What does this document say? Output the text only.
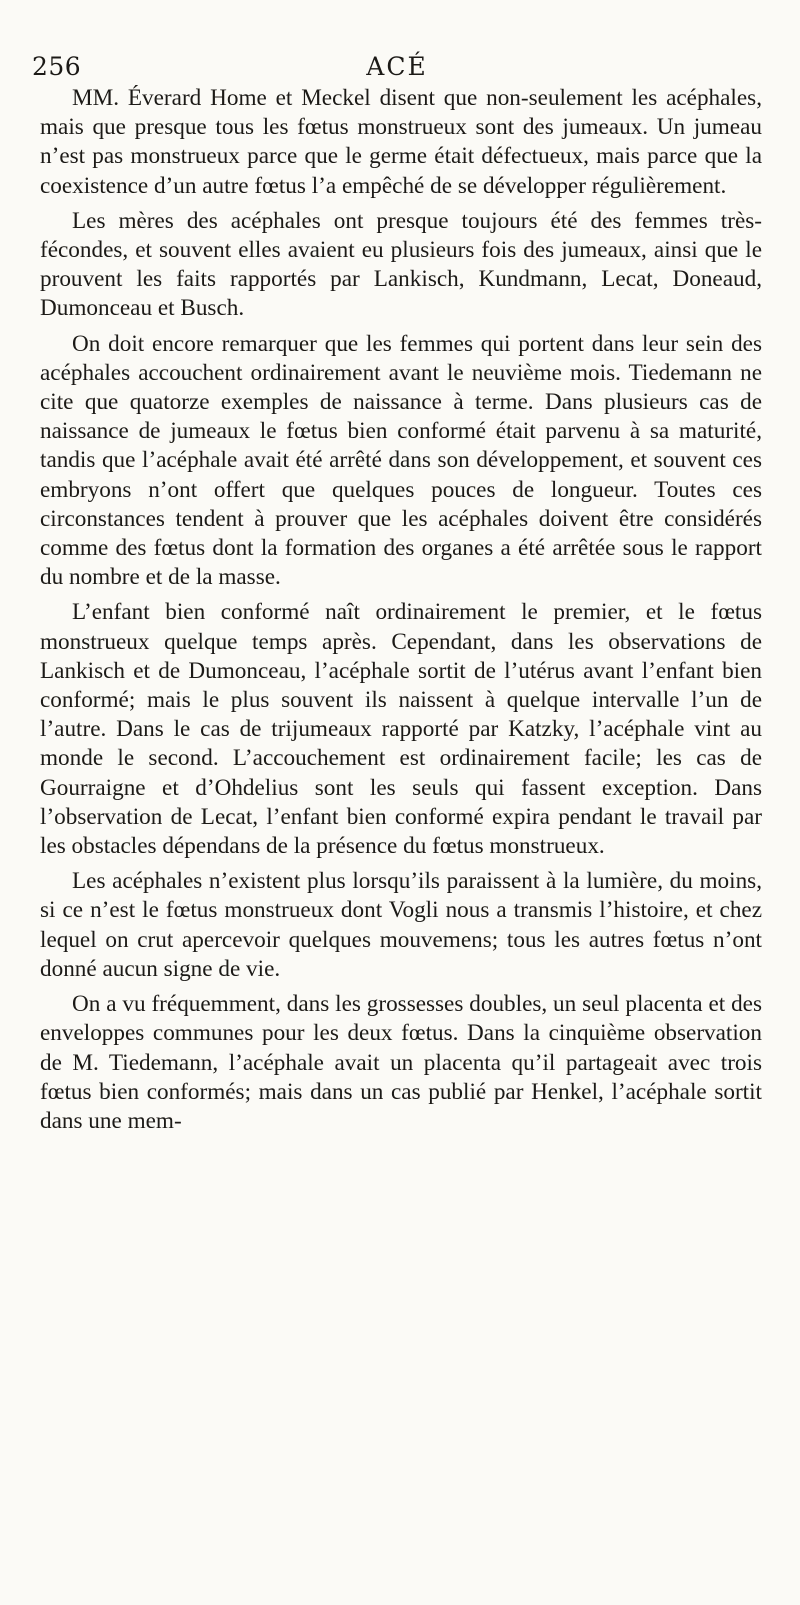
256	ACÉ

MM. Éverard Home et Meckel disent que non-seulement les acéphales, mais que presque tous les fœtus monstrueux sont des jumeaux. Un jumeau n’est pas monstrueux parce que le germe était défectueux, mais parce que la coexistence d’un autre fœtus l’a empêché de se développer régulièrement.

Les mères des acéphales ont presque toujours été des femmes très-fécondes, et souvent elles avaient eu plusieurs fois des jumeaux, ainsi que le prouvent les faits rapportés par Lankisch, Kundmann, Lecat, Doneaud, Dumonceau et Busch.

On doit encore remarquer que les femmes qui portent dans leur sein des acéphales accouchent ordinairement avant le neuvième mois. Tiedemann ne cite que quatorze exemples de naissance à terme. Dans plusieurs cas de naissance de jumeaux le fœtus bien conformé était parvenu à sa maturité, tandis que l’acéphale avait été arrêté dans son développement, et souvent ces embryons n’ont offert que quelques pouces de longueur. Toutes ces circonstances tendent à prouver que les acéphales doivent être considérés comme des fœtus dont la formation des organes a été arrêtée sous le rapport du nombre et de la masse.

L’enfant bien conformé naît ordinairement le premier, et le fœtus monstrueux quelque temps après. Cependant, dans les observations de Lankisch et de Dumonceau, l’acéphale sortit de l’utérus avant l’enfant bien conformé; mais le plus souvent ils naissent à quelque intervalle l’un de l’autre. Dans le cas de trijumeaux rapporté par Katzky, l’acéphale vint au monde le second. L’accouchement est ordinairement facile; les cas de Gourraigne et d’Ohdelius sont les seuls qui fassent exception. Dans l’observation de Lecat, l’enfant bien conformé expira pendant le travail par les obstacles dépendans de la présence du fœtus monstrueux.

Les acéphales n’existent plus lorsqu’ils paraissent à la lumière, du moins, si ce n’est le fœtus monstrueux dont Vogli nous a transmis l’histoire, et chez lequel on crut apercevoir quelques mouvemens; tous les autres fœtus n’ont donné aucun signe de vie.

On a vu fréquemment, dans les grossesses doubles, un seul placenta et des enveloppes communes pour les deux fœtus. Dans la cinquième observation de M. Tiedemann, l’acéphale avait un placenta qu’il partageait avec trois fœtus bien conformés; mais dans un cas publié par Henkel, l’acéphale sortit dans une mem-
